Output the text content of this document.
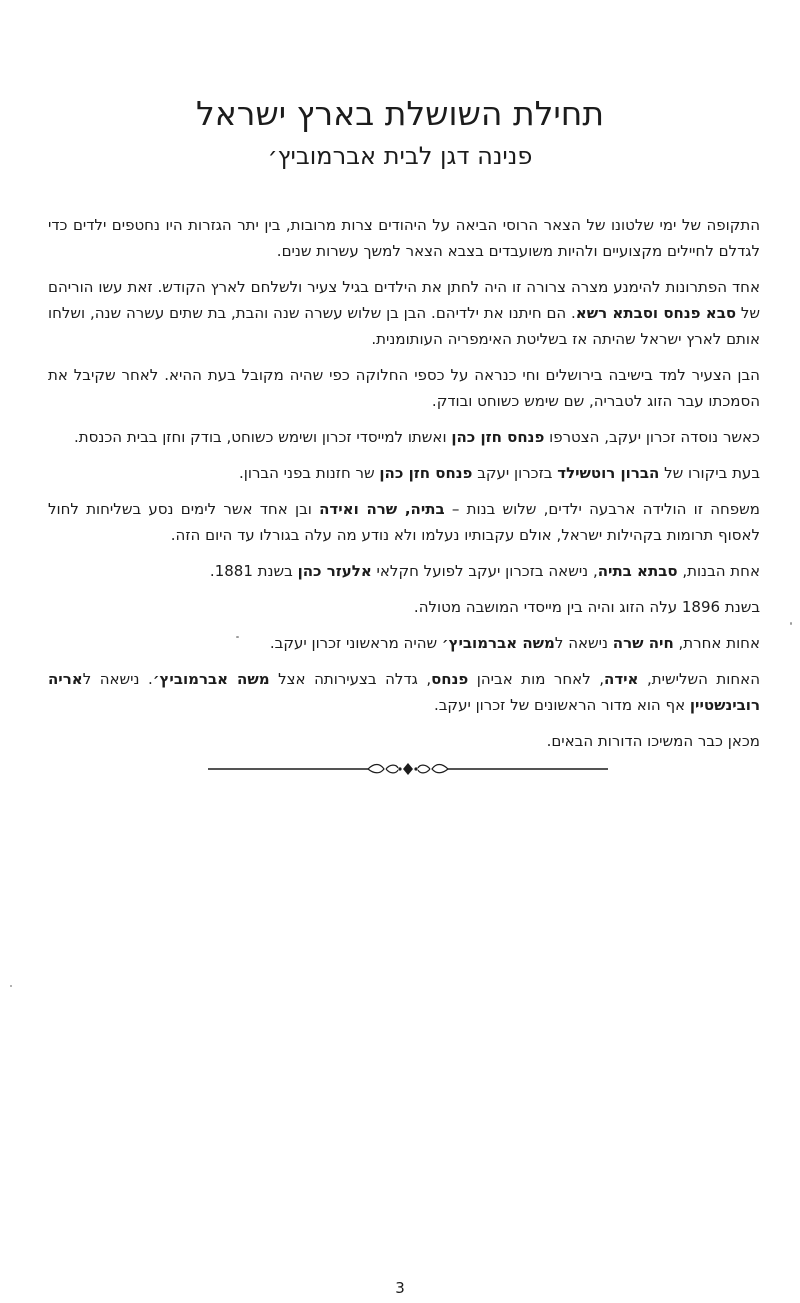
תחילת השושלת בארץ ישראל
פנינה דגן לבית אברמוביץ׳

התקופה של ימי שלטונו של הצאר הרוסי הביאה על היהודים צרות מרובות, בין יתר הגזרות היו נחטפים ילדים כדי לגדלם לחיילים מקצועיים ולהיות משועבדים בצבא הצאר למשך עשרות שנים.

אחד הפתרונות להימנע מצרה צרורה זו היה לחתן את הילדים בגיל צעיר ולשלחם לארץ הקודש. זאת עשו הוריהם של סבא פנחס וסבתא רשא. הם חיתנו את ילדיהם. הבן בן שלוש עשרה שנה והבת, בת שתים עשרה שנה, ושלחו אותם לארץ ישראל שהיתה אז בשליטת האימפריה העותומנית.

הבן הצעיר למד בישיבה בירושלים וחי כנראה על כספי החלוקה כפי שהיה מקובל בעת ההיא. לאחר שקיבל את הסמכתו עבר הזוג לטבריה, שם שימש כשוחט ובודק.

כאשר נוסדה זכרון יעקב, הצטרפו פנחס חזן כהן ואשתו למייסדי זכרון ושימש כשוחט, בודק וחזן בבית הכנסת.

בעת ביקורו של הברון רוטשילד בזכרון יעקב פנחס חזן כהן שר חזנות בפני הברון.

משפחה זו הולידה ארבעה ילדים, שלוש בנות – בתיה, שרה ואידה ובן אחד אשר לימים נסע בשליחות לחול לאסוף תרומות בקהילות ישראל, אולם עקבותיו נעלמו ולא נודע מה עלה בגורלו עד היום הזה.

אחת הבנות, סבתא בתיה, נישאה בזכרון יעקב לפועל חקלאי אלעזר כהן בשנת 1881.

בשנת 1896 עלה הזוג והיה בין מייסדי המושבה מטולה.

אחות אחרת, חיה שרה נישאה למשה אברמוביץ׳ שהיה מראשוני זכרון יעקב.

האחות השלישית, אידה, לאחר מות אביהן פנחס, גדלה בצעירותה אצל משה אברמוביץ׳. נישאה לאריה רובינשטיין אף הוא מדור הראשונים של זכרון יעקב.

מכאן כבר המשיכו הדורות הבאים.

3
